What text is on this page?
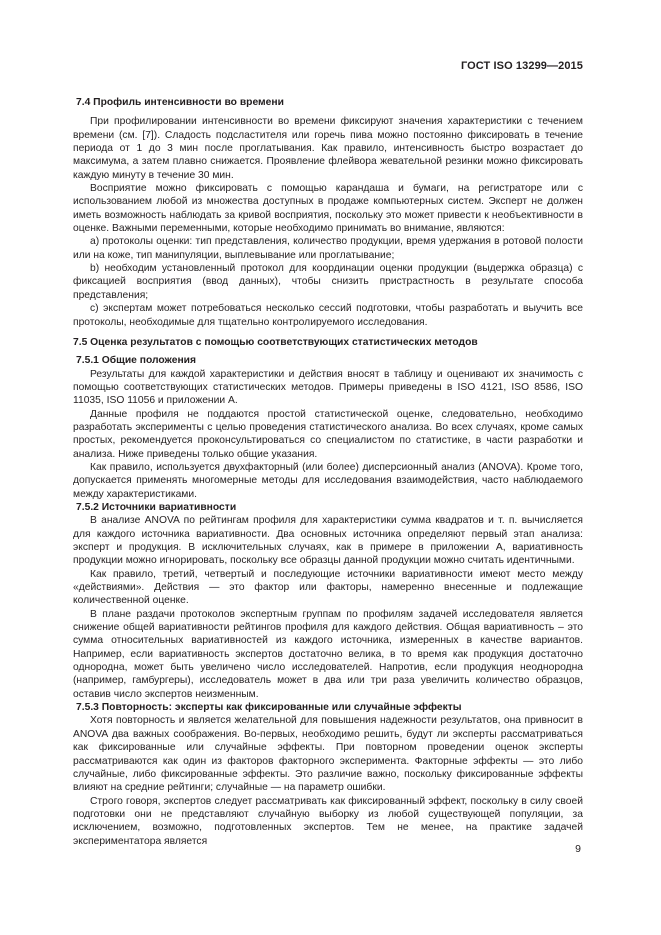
ГОСТ ISO 13299—2015
7.4 Профиль интенсивности во времени

При профилировании интенсивности во времени фиксируют значения характеристики с течением времени (см. [7]). Сладость подсластителя или горечь пива можно постоянно фиксировать в течение периода от 1 до 3 мин после проглатывания. Как правило, интенсивность быстро возрастает до максимума, а затем плавно снижается. Проявление флейвора жевательной резинки можно фиксировать каждую минуту в течение 30 мин.

Восприятие можно фиксировать с помощью карандаша и бумаги, на регистраторе или с использованием любой из множества доступных в продаже компьютерных систем. Эксперт не должен иметь возможность наблюдать за кривой восприятия, поскольку это может привести к необъективности в оценке. Важными переменными, которые необходимо принимать во внимание, являются:

a) протоколы оценки: тип представления, количество продукции, время удержания в ротовой полости или на коже, тип манипуляции, выплевывание или проглатывание;

b) необходим установленный протокол для координации оценки продукции (выдержка образца) с фиксацией восприятия (ввод данных), чтобы снизить пристрастность в результате способа представления;

c) экспертам может потребоваться несколько сессий подготовки, чтобы разработать и выучить все протоколы, необходимые для тщательно контролируемого исследования.

7.5 Оценка результатов с помощью соответствующих статистических методов
7.5.1 Общие положения

Результаты для каждой характеристики и действия вносят в таблицу и оценивают их значимость с помощью соответствующих статистических методов. Примеры приведены в ISO 4121, ISO 8586, ISO 11035, ISO 11056 и приложении А.

Данные профиля не поддаются простой статистической оценке, следовательно, необходимо разработать эксперименты с целью проведения статистического анализа. Во всех случаях, кроме самых простых, рекомендуется проконсультироваться со специалистом по статистике, в части разработки и анализа. Ниже приведены только общие указания.

Как правило, используется двухфакторный (или более) дисперсионный анализ (ANOVA). Кроме того, допускается применять многомерные методы для исследования взаимодействия, часто наблюдаемого между характеристиками.

7.5.2 Источники вариативности

В анализе ANOVA по рейтингам профиля для характеристики сумма квадратов и т. п. вычисляется для каждого источника вариативности. Два основных источника определяют первый этап анализа: эксперт и продукция. В исключительных случаях, как в примере в приложении А, вариативность продукции можно игнорировать, поскольку все образцы данной продукции можно считать идентичными.

Как правило, третий, четвертый и последующие источники вариативности имеют место между «действиями». Действия — это фактор или факторы, намеренно внесенные и подлежащие количественной оценке.

В плане раздачи протоколов экспертным группам по профилям задачей исследователя является снижение общей вариативности рейтингов профиля для каждого действия. Общая вариативность – это сумма относительных вариативностей из каждого источника, измеренных в качестве вариантов. Например, если вариативность экспертов достаточно велика, в то время как продукция достаточно однородна, может быть увеличено число исследователей. Напротив, если продукция неоднородна (например, гамбургеры), исследователь может в два или три раза увеличить количество образцов, оставив число экспертов неизменным.

7.5.3 Повторность: эксперты как фиксированные или случайные эффекты

Хотя повторность и является желательной для повышения надежности результатов, она привносит в ANOVA два важных соображения. Во-первых, необходимо решить, будут ли эксперты рассматриваться как фиксированные или случайные эффекты. При повторном проведении оценок эксперты рассматриваются как один из факторов факторного эксперимента. Факторные эффекты — это либо случайные, либо фиксированные эффекты. Это различие важно, поскольку фиксированные эффекты влияют на средние рейтинги; случайные — на параметр ошибки.

Строго говоря, экспертов следует рассматривать как фиксированный эффект, поскольку в силу своей подготовки они не представляют случайную выборку из любой существующей популяции, за исключением, возможно, подготовленных экспертов. Тем не менее, на практике задачей экспериментатора является

9
